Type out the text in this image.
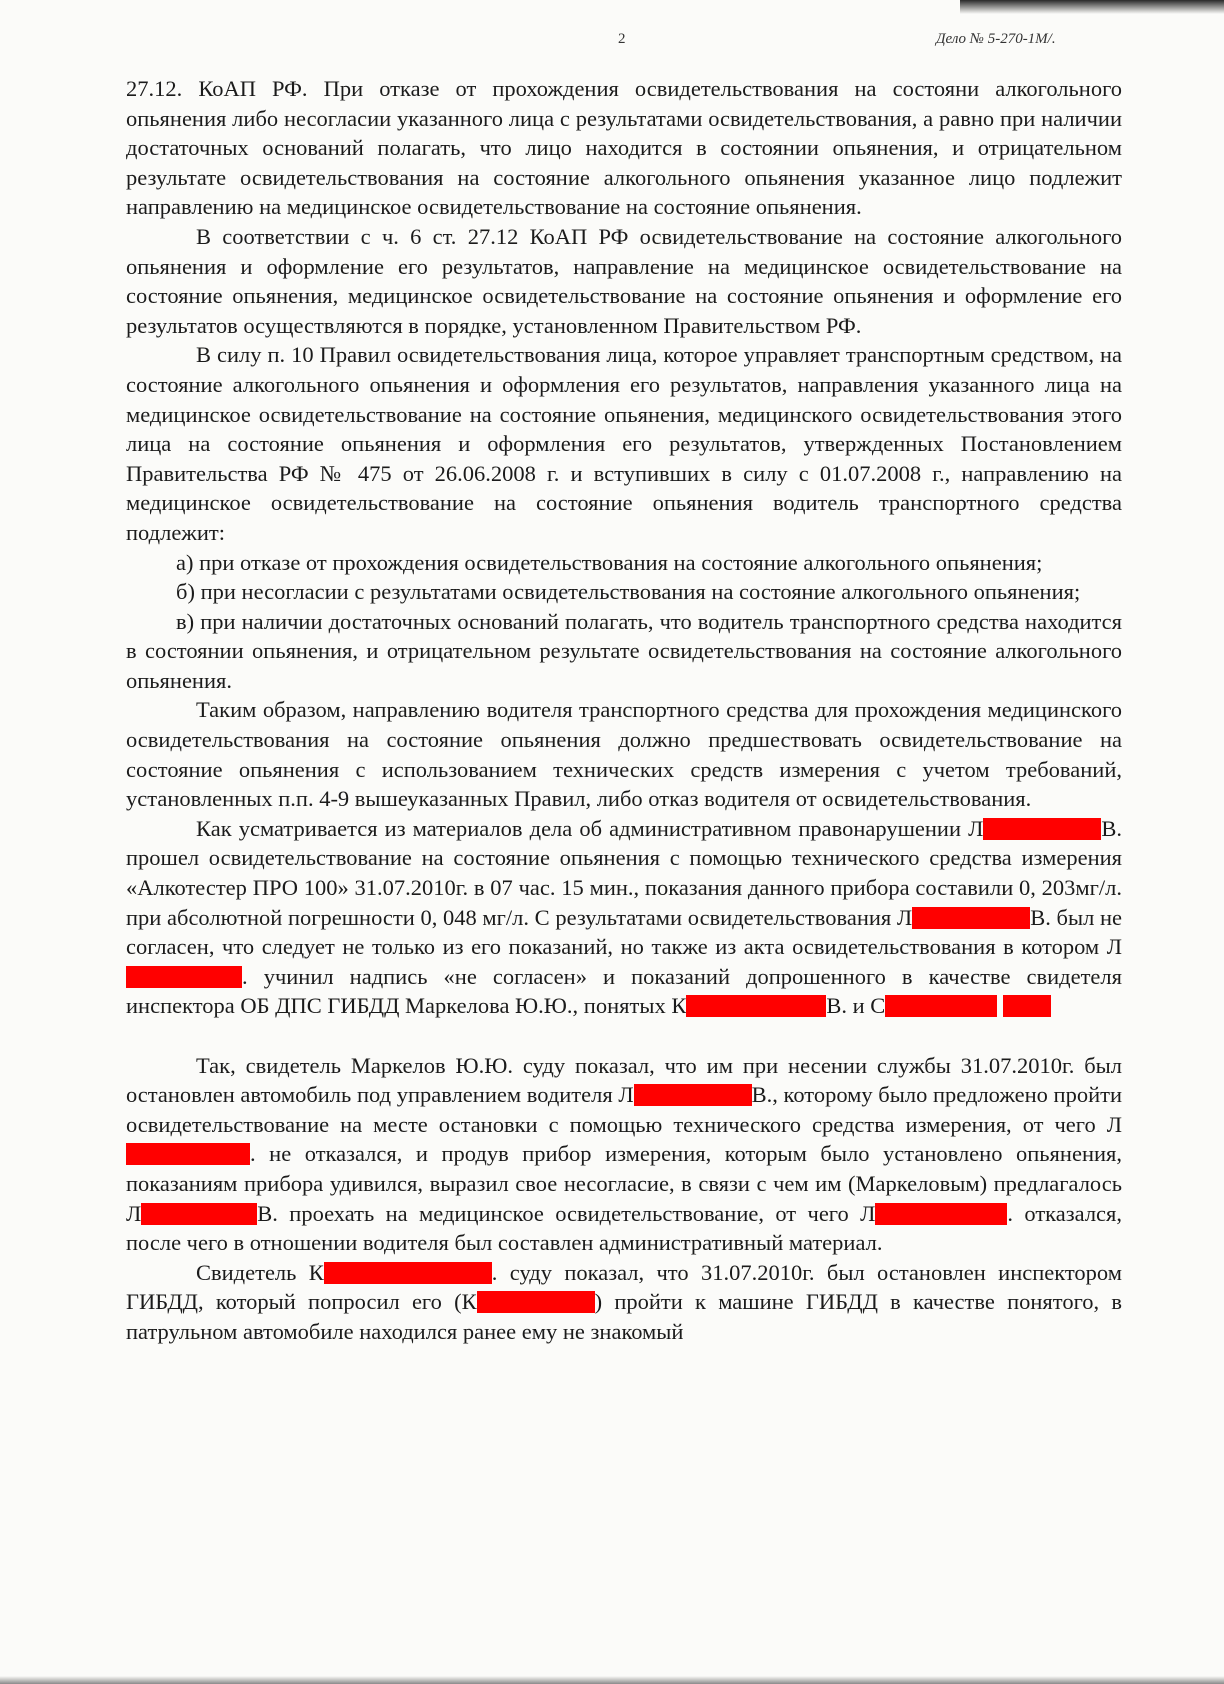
2	Дело № 5-270-1М/.

27.12. КоАП РФ. При отказе от прохождения освидетельствования на состояни алкогольного опьянения либо несогласии указанного лица с результатами освидетельствования, а равно при наличии достаточных оснований полагать, что лицо находится в состоянии опьянения, и отрицательном результате освидетельствования на состояние алкогольного опьянения указанное лицо подлежит направлению на медицинское освидетельствование на состояние опьянения.

В соответствии с ч. 6 ст. 27.12 КоАП РФ освидетельствование на состояние алкогольного опьянения и оформление его результатов, направление на медицинское освидетельствование на состояние опьянения, медицинское освидетельствование на состояние опьянения и оформление его результатов осуществляются в порядке, установленном Правительством РФ.

В силу п. 10 Правил освидетельствования лица, которое управляет транспортным средством, на состояние алкогольного опьянения и оформления его результатов, направления указанного лица на медицинское освидетельствование на состояние опьянения, медицинского освидетельствования этого лица на состояние опьянения и оформления его результатов, утвержденных Постановлением Правительства РФ № 475 от 26.06.2008 г. и вступивших в силу с 01.07.2008 г., направлению на медицинское освидетельствование на состояние опьянения водитель транспортного средства подлежит:

а) при отказе от прохождения освидетельствования на состояние алкогольного опьянения;

б) при несогласии с результатами освидетельствования на состояние алкогольного опьянения;

в) при наличии достаточных оснований полагать, что водитель транспортного средства находится в состоянии опьянения, и отрицательном результате освидетельствования на состояние алкогольного опьянения.

Таким образом, направлению водителя транспортного средства для прохождения медицинского освидетельствования на состояние опьянения должно предшествовать освидетельствование на состояние опьянения с использованием технических средств измерения с учетом требований, установленных п.п. 4-9 вышеуказанных Правил, либо отказ водителя от освидетельствования.

Как усматривается из материалов дела об административном правонарушении Л	В. прошел освидетельствование на состояние опьянения с помощью технического средства измерения «Алкотестер ПРО 100» 31.07.2010г. в 07 час. 15 мин., показания данного прибора составили 0, 203мг/л. при абсолютной погрешности 0, 048 мг/л. С результатами освидетельствования Л	В. был не согласен, что следует не только из его показаний, но также из акта освидетельствования в котором Л. учинил надпись «не согласен» и показаний допрошенного в качестве свидетеля инспектора ОБ ДПС ГИБДД Маркелова Ю.Ю., понятых К	В. и С

Так, свидетель Маркелов Ю.Ю. суду показал, что им при несении службы 31.07.2010г. был остановлен автомобиль под управлением водителя Л	В., которому было предложено пройти освидетельствование на месте остановки с помощью технического средства измерения, от чего Л. не отказался, и продув прибор измерения, которым было установлено опьянения, показаниям прибора удивился, выразил свое несогласие, в связи с чем им (Маркеловым) предлагалось Л	В. проехать на медицинское освидетельствование, от чего Л	. отказался, после чего в отношении водителя был составлен административный материал.

Свидетель К	. суду показал, что 31.07.2010г. был остановлен инспектором ГИБДД, который попросил его (К	) пройти к машине ГИБДД в качестве понятого, в патрульном автомобиле находился ранее ему не знакомый
